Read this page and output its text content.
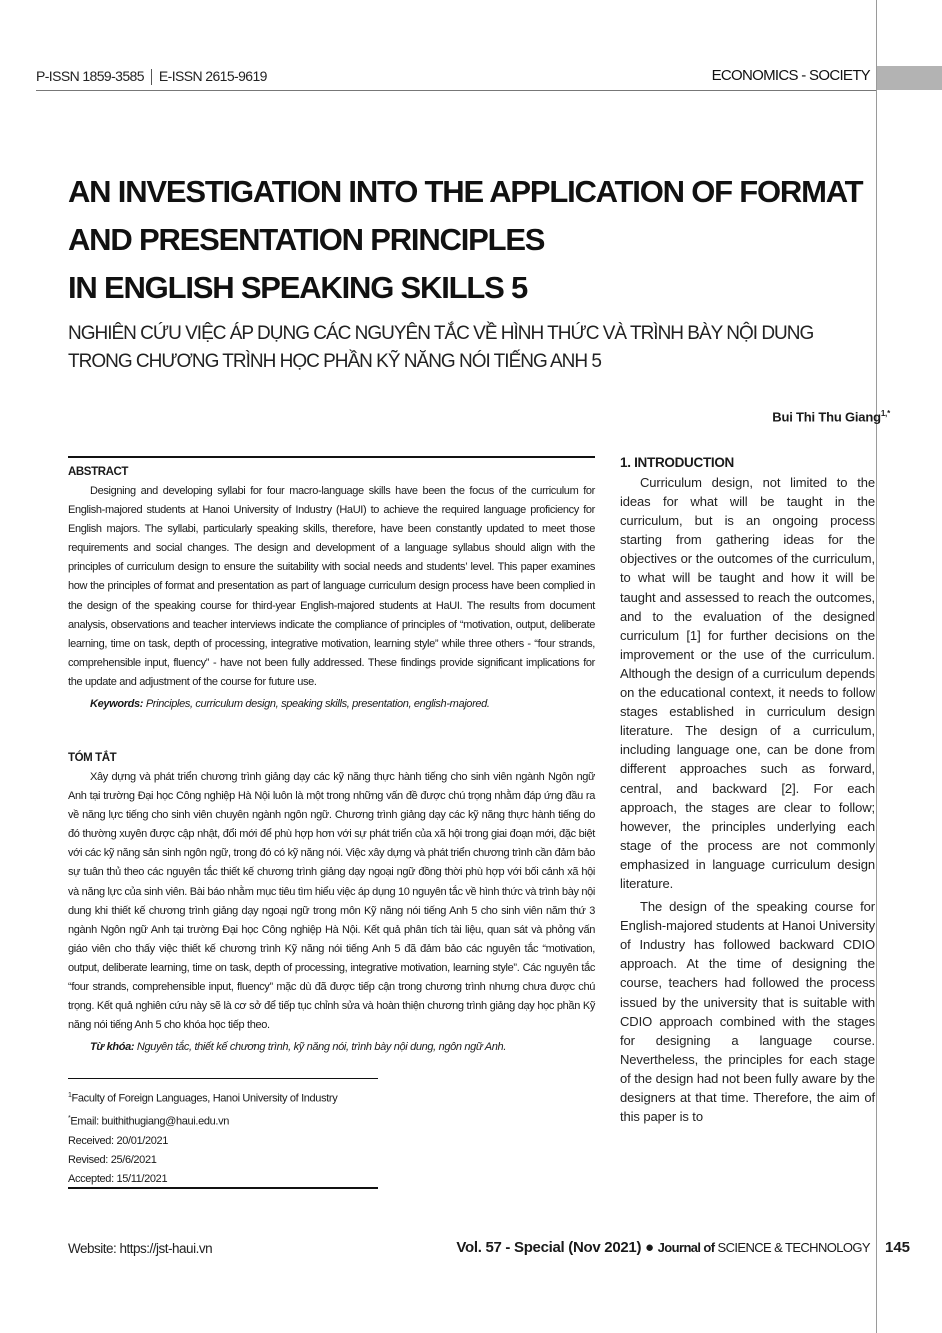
P-ISSN 1859-3585 E-ISSN 2615-9619	ECONOMICS - SOCIETY
AN INVESTIGATION INTO THE APPLICATION OF FORMAT
AND PRESENTATION PRINCIPLES
IN ENGLISH SPEAKING SKILLS 5
NGHIÊN CỨU VIỆC ÁP DỤNG CÁC NGUYÊN TẮC VỀ HÌNH THỨC VÀ TRÌNH BÀY NỘI DUNG
TRONG CHƯƠNG TRÌNH HỌC PHẦN KỸ NĂNG NÓI TIẾNG ANH 5
Bui Thi Thu Giang$^{1,*}$
ABSTRACT

Designing and developing syllabi for four macro-language skills have been the focus of the curriculum for English-majored students at Hanoi University of Industry (HaUI) to achieve the required language proficiency for English majors. The syllabi, particularly speaking skills, therefore, have been constantly updated to meet those requirements and social changes. The design and development of a language syllabus should align with the principles of curriculum design to ensure the suitability with social needs and students’ level. This paper examines how the principles of format and presentation as part of language curriculum design process have been complied in the design of the speaking course for third-year English-majored students at HaUI. The results from document analysis, observations and teacher interviews indicate the compliance of principles of “motivation, output, deliberate learning, time on task, depth of processing, integrative motivation, learning style” while three others - “four strands, comprehensible input, fluency” - have not been fully addressed. These findings provide significant implications for the update and adjustment of the course for future use.

Keywords: Principles, curriculum design, speaking skills, presentation, english-majored.
TÓM TẮT

Xây dựng và phát triển chương trình giảng dạy các kỹ năng thực hành tiếng cho sinh viên ngành Ngôn ngữ Anh tại trường Đại học Công nghiệp Hà Nội luôn là một trong những vấn đề được chú trọng nhằm đáp ứng đầu ra về năng lực tiếng cho sinh viên chuyên ngành ngôn ngữ. Chương trình giảng dạy các kỹ năng thực hành tiếng do đó thường xuyên được cập nhật, đổi mới để phù hợp hơn với sự phát triển của xã hội trong giai đoạn mới, đặc biệt với các kỹ năng sản sinh ngôn ngữ, trong đó có kỹ năng nói. Việc xây dựng và phát triển chương trình cần đảm bảo sự tuân thủ theo các nguyên tắc thiết kế chương trình giảng dạy ngoại ngữ đồng thời phù hợp với bối cảnh xã hội và năng lực của sinh viên. Bài báo nhằm mục tiêu tìm hiểu việc áp dụng 10 nguyên tắc về hình thức và trình bày nội dung khi thiết kế chương trình giảng dạy ngoại ngữ trong môn Kỹ năng nói tiếng Anh 5 cho sinh viên năm thứ 3 ngành Ngôn ngữ Anh tại trường Đại học Công nghiệp Hà Nội. Kết quả phân tích tài liệu, quan sát và phỏng vấn giáo viên cho thấy việc thiết kế chương trình Kỹ năng nói tiếng Anh 5 đã đảm bảo các nguyên tắc “motivation, output, deliberate learning, time on task, depth of processing, integrative motivation, learning style”. Các nguyên tắc “four strands, comprehensible input, fluency” mặc dù đã được tiếp cận trong chương trình nhưng chưa được chú trọng. Kết quả nghiên cứu này sẽ là cơ sở để tiếp tục chỉnh sửa và hoàn thiện chương trình giảng dạy học phần Kỹ năng nói tiếng Anh 5 cho khóa học tiếp theo.

Từ khóa: Nguyên tắc, thiết kế chương trình, kỹ năng nói, trình bày nội dung, ngôn ngữ Anh.
$^1$Faculty of Foreign Languages, Hanoi University of Industry
*Email: buithithugiang@haui.edu.vn
Received: 20/01/2021
Revised: 25/6/2021
Accepted: 15/11/2021
1. INTRODUCTION

Curriculum design, not limited to the ideas for what will be taught in the curriculum, but is an ongoing process starting from gathering ideas for the objectives or the outcomes of the curriculum, to what will be taught and how it will be taught and assessed to reach the outcomes, and to the evaluation of the designed curriculum [1] for further decisions on the improvement or the use of the curriculum. Although the design of a curriculum depends on the educational context, it needs to follow stages established in curriculum design literature. The design of a curriculum, including language one, can be done from different approaches such as forward, central, and backward [2]. For each approach, the stages are clear to follow; however, the principles underlying each stage of the process are not commonly emphasized in language curriculum design literature.

The design of the speaking course for English-majored students at Hanoi University of Industry has followed backward CDIO approach. At the time of designing the course, teachers had followed the process issued by the university that is suitable with CDIO approach combined with the stages for designing a language course. Nevertheless, the principles for each stage of the design had not been fully aware by the designers at that time. Therefore, the aim of this paper is to

Website: https://jst-haui.vn	Vol. 57 - Special (Nov 2021) ● Journal of SCIENCE & TECHNOLOGY 145
